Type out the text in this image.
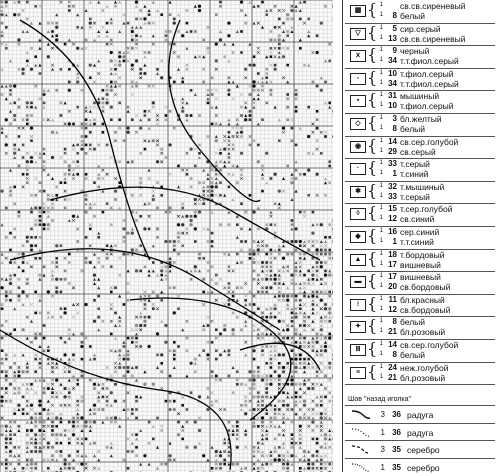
▦ { 1
1	8
св.св.сиреневый
белый
▽ { 1
1
5
13
сир.серый
св.св.сиреневый
ⅹ { 1
1
9
34
черный
т.т.фиол.серый
▫ { 1
1
10
34
т.фиол.серый
т.т.фиол.серый
▪ { 1
1
31
10
мышиный
т.фиол.серый
◇ { 1
1
3
8
бл.желтый
белый
◉ { 1
1
14
29
св.сер.голубой
св.серый
· { 1
1
33
1
т.серый
т.синий
✱ { 1
1
32
33
т.мышиный
т.серый
◊ { 1
1
15
12
т.сер.голубой
св.синий
◆ { 1
1
16
1
сер.синий
т.т.синий
▲ { 1
1
18
17
т.бордовый
вишневый
▬ { 1
1
17
20
вишневый
св.бордовый
⁝ { 1
1
11
12
бл.красный
св.бордовый
✦ { 1
1
8
21
белый
бл.розовый
Ⅲ { 1
1
14
8
св.сер.голубой
белый
≡ { 1
1
24
21
неж.голубой
бл.розовый
Шов "назад иголка"
3 36 радуга
1 36 радуга
3 35 серебро
1 35 серебро
